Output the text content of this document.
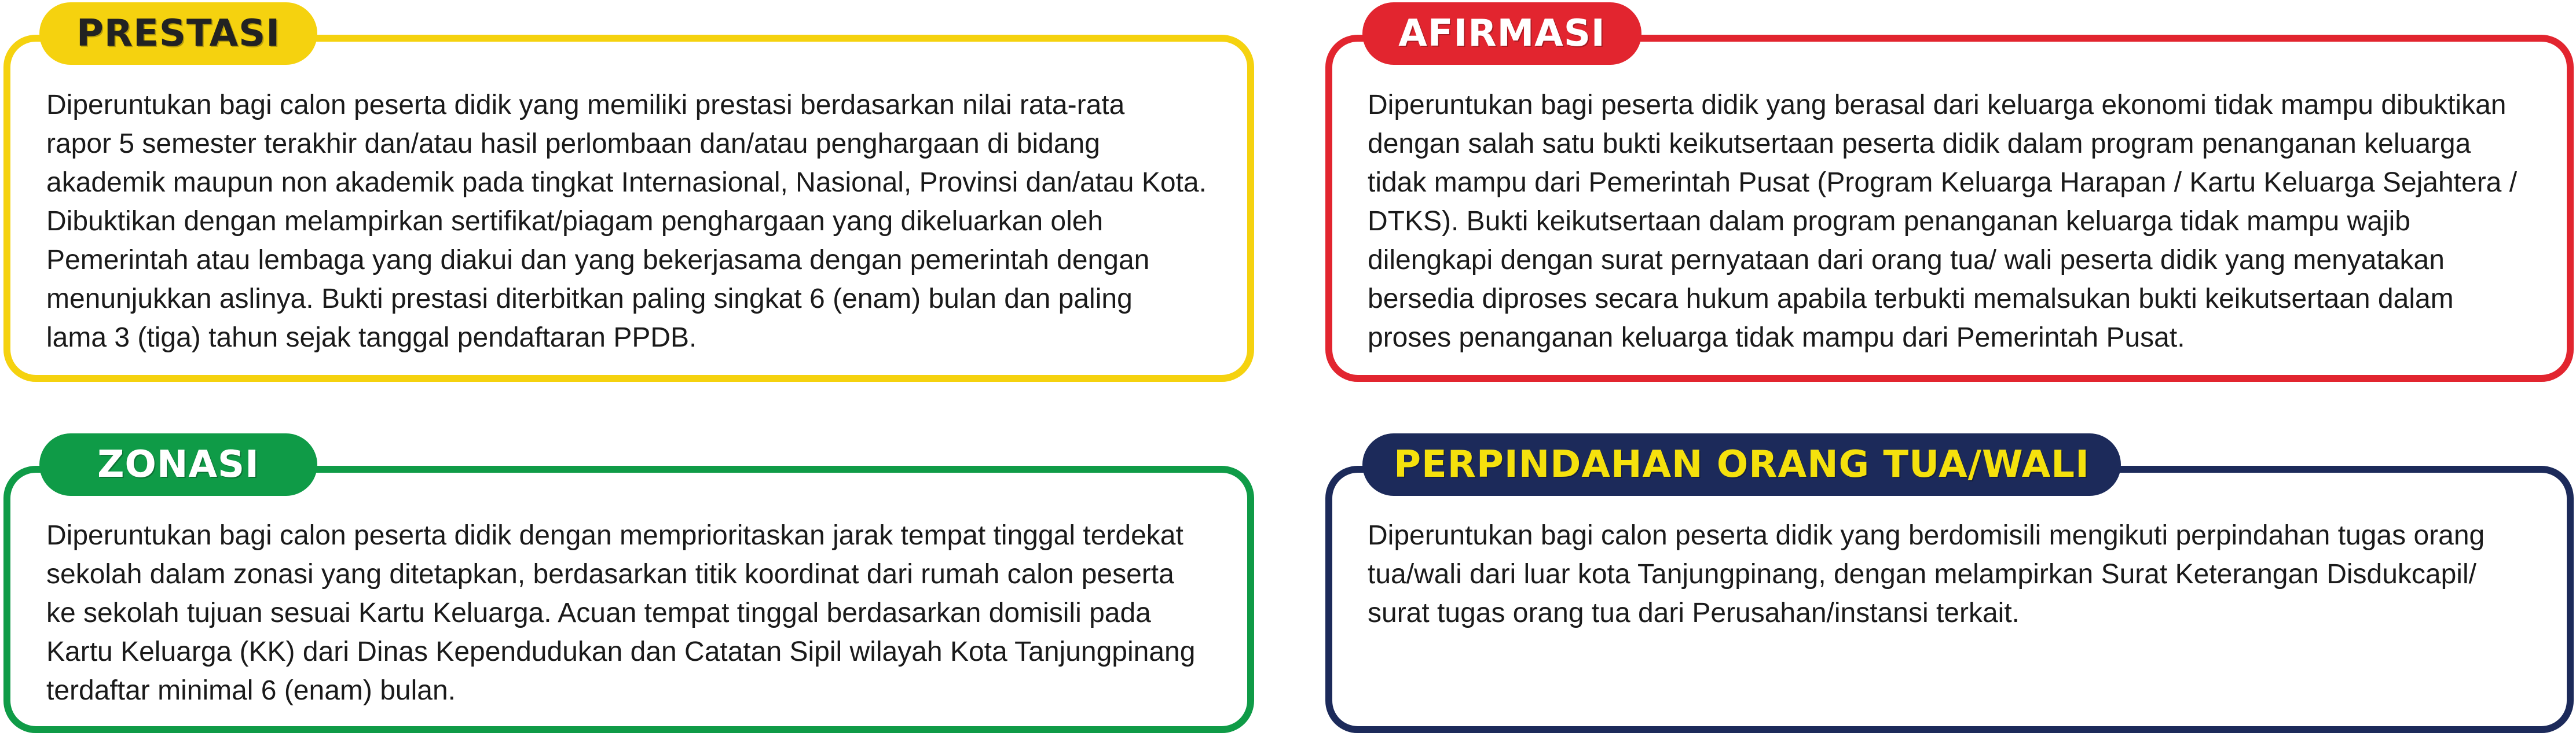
PRESTASI

Diperuntukan bagi calon peserta didik yang memiliki prestasi berdasarkan nilai rata-rata
rapor 5 semester terakhir dan/atau hasil perlombaan dan/atau penghargaan di bidang
akademik maupun non akademik pada tingkat Internasional, Nasional, Provinsi dan/atau Kota.
Dibuktikan dengan melampirkan sertifikat/piagam penghargaan yang dikeluarkan oleh
Pemerintah atau lembaga yang diakui dan yang bekerjasama dengan pemerintah dengan
menunjukkan aslinya. Bukti prestasi diterbitkan paling singkat 6 (enam) bulan dan paling
lama 3 (tiga) tahun sejak tanggal pendaftaran PPDB.

AFIRMASI

Diperuntukan bagi peserta didik yang berasal dari keluarga ekonomi tidak mampu dibuktikan
dengan salah satu bukti keikutsertaan peserta didik dalam program penanganan keluarga
tidak mampu dari Pemerintah Pusat (Program Keluarga Harapan / Kartu Keluarga Sejahtera /
DTKS). Bukti keikutsertaan dalam program penanganan keluarga tidak mampu wajib
dilengkapi dengan surat pernyataan dari orang tua/ wali peserta didik yang menyatakan
bersedia diproses secara hukum apabila terbukti memalsukan bukti keikutsertaan dalam
proses penanganan keluarga tidak mampu dari Pemerintah Pusat.

ZONASI

Diperuntukan bagi calon peserta didik dengan memprioritaskan jarak tempat tinggal terdekat
sekolah dalam zonasi yang ditetapkan, berdasarkan titik koordinat dari rumah calon peserta
ke sekolah tujuan sesuai Kartu Keluarga. Acuan tempat tinggal berdasarkan domisili pada
Kartu Keluarga (KK) dari Dinas Kependudukan dan Catatan Sipil wilayah Kota Tanjungpinang
terdaftar minimal 6 (enam) bulan.

PERPINDAHAN ORANG TUA/WALI

Diperuntukan bagi calon peserta didik yang berdomisili mengikuti perpindahan tugas orang
tua/wali dari luar kota Tanjungpinang, dengan melampirkan Surat Keterangan Disdukcapil/
surat tugas orang tua dari Perusahan/instansi terkait.
